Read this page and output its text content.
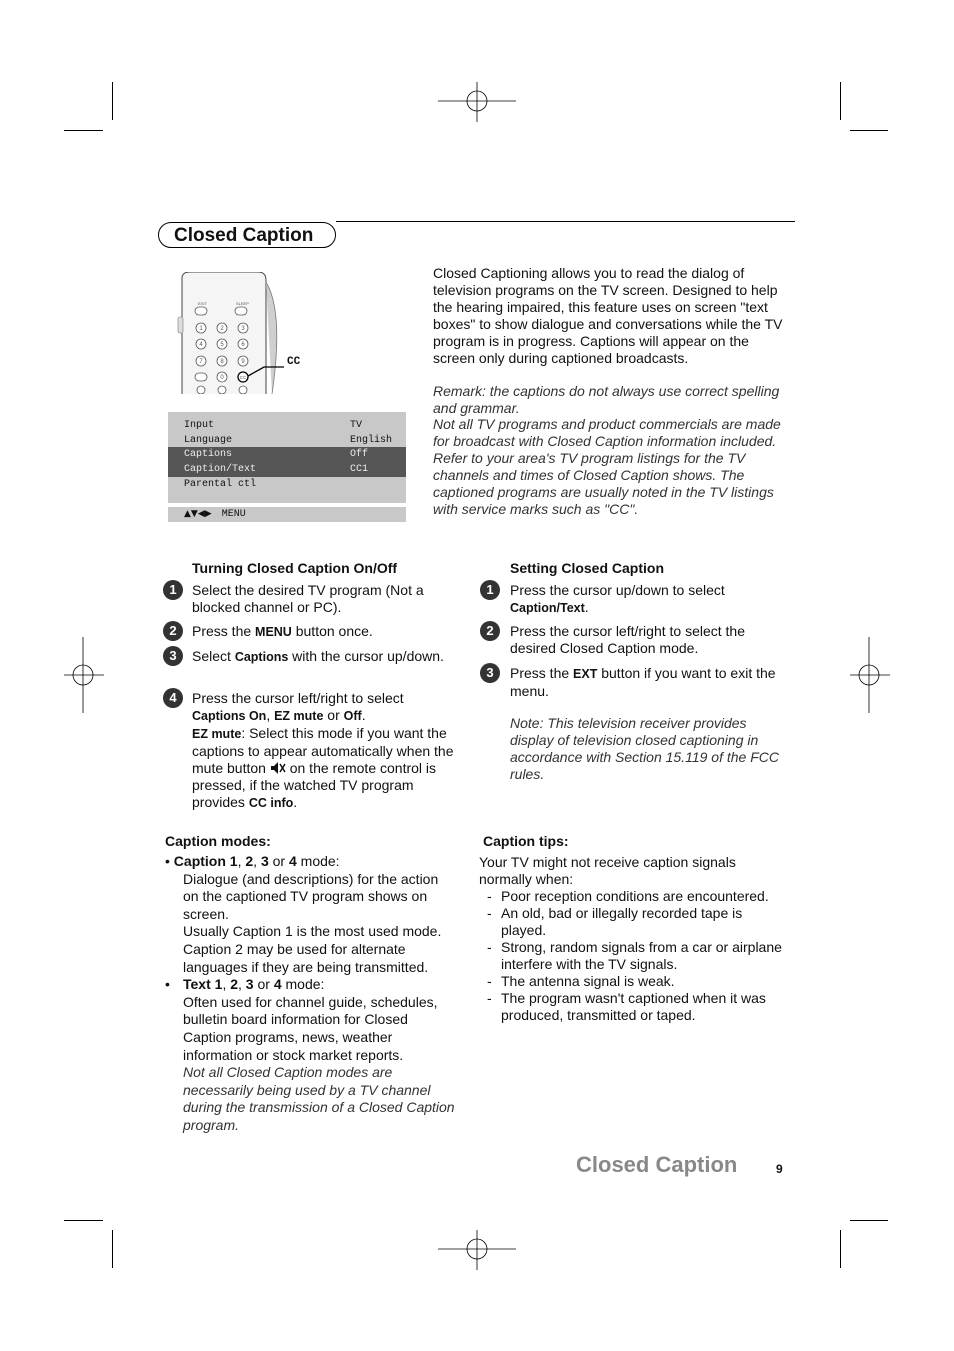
Closed Caption
EXIT	SLEEP
1	2	3
4	5	6
7	8	9
0	CC
CC
Input	TV
Language	English
Captions	Off
Caption/Text	CC1
Parental ctl
▲▼◀▶ MENU
Closed Captioning allows you to read the dialog of television programs on the TV screen. Designed to help the hearing impaired, this feature uses on screen "text boxes" to show dialogue and conversations while the TV program is in progress. Captions will appear on the screen only during captioned broadcasts.
Remark: the captions do not always use correct spelling and grammar.
Not all TV programs and product commercials are made for broadcast with Closed Caption information included. Refer to your area's TV program listings for the TV channels and times of Closed Caption shows. The captioned programs are usually noted in the TV listings with service marks such as "CC".
Turning Closed Caption On/Off
1	Select the desired TV program (Not a blocked channel or PC).
2	Press the MENU button once.
3	Select Captions with the cursor up/down.
4	Press the cursor left/right to select
Captions On, EZ mute or Off.
EZ mute: Select this mode if you want the captions to appear automatically when the mute button  on the remote control is pressed, if the watched TV program provides CC info.
Setting Closed Caption
1	Press the cursor up/down to select
Caption/Text.
2	Press the cursor left/right to select the desired Closed Caption mode.
3	Press the EXT button if you want to exit the menu.
Note: This television receiver provides display of television closed captioning in accordance with Section 15.119 of the FCC rules.
Caption modes:
• Caption 1, 2, 3 or 4 mode:
Dialogue (and descriptions) for the action on the captioned TV program shows on screen.
Usually Caption 1 is the most used mode. Caption 2 may be used for alternate languages if they are being transmitted.
• Text 1, 2, 3 or 4 mode:
Often used for channel guide, schedules, bulletin board information for Closed Caption programs, news, weather information or stock market reports.
Not all Closed Caption modes are necessarily being used by a TV channel during the transmission of a Closed Caption program.
Caption tips:
Your TV might not receive caption signals normally when:
- Poor reception conditions are encountered.
- An old, bad or illegally recorded tape is played.
- Strong, random signals from a car or airplane interfere with the TV signals.
- The antenna signal is weak.
- The program wasn't captioned when it was produced, transmitted or taped.
Closed Caption	9
